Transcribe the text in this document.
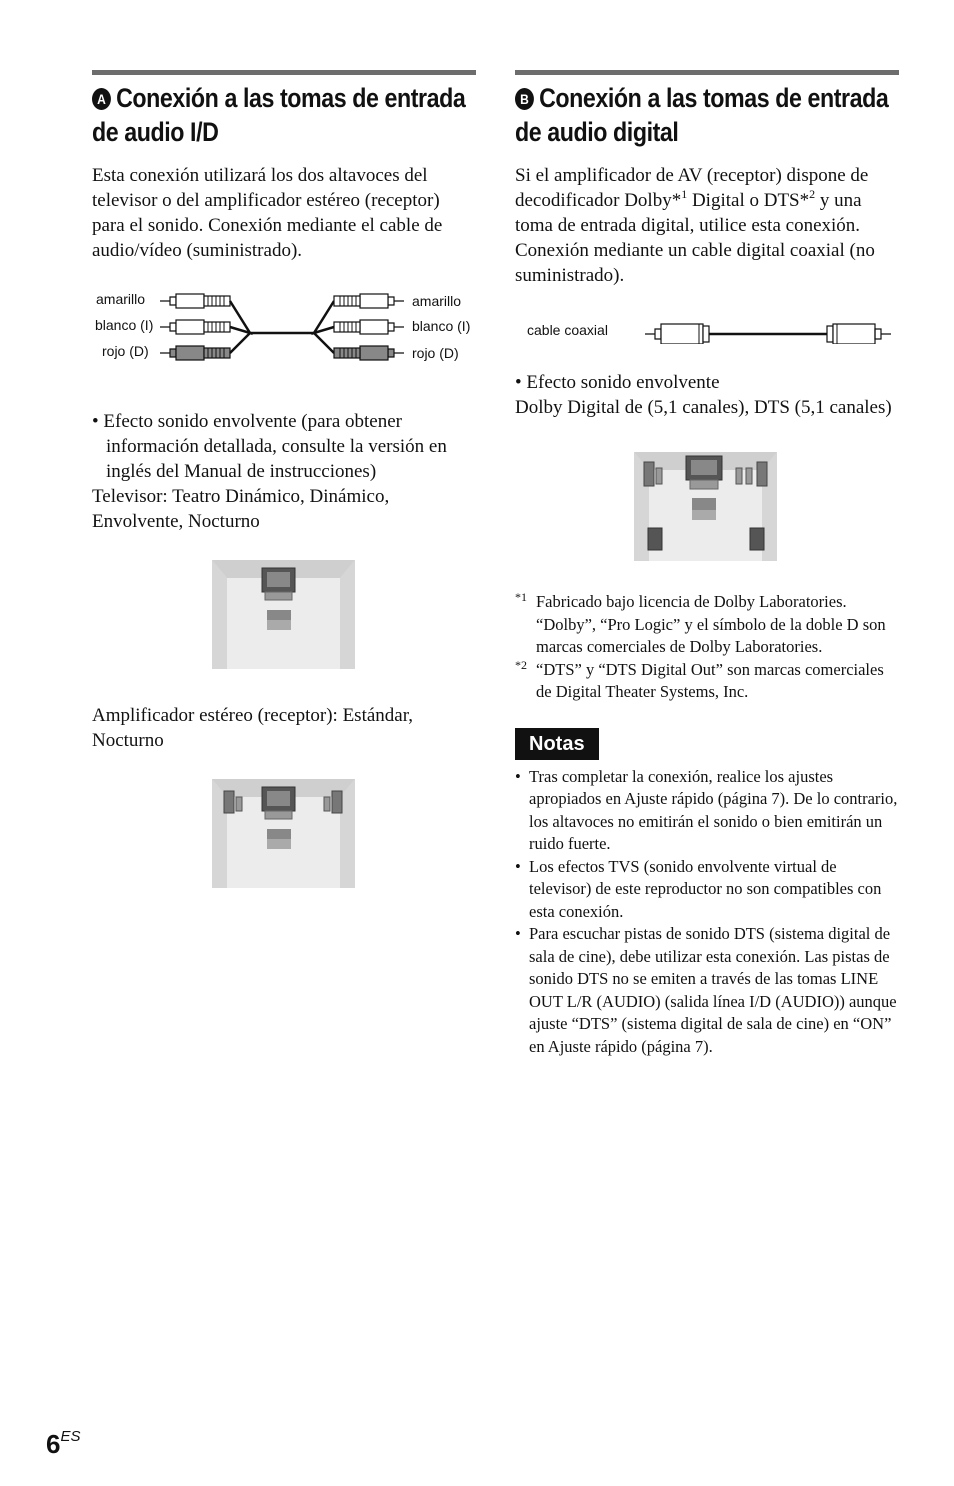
A Conexión a las tomas de entrada de audio I/D

Esta conexión utilizará los dos altavoces del televisor o del amplificador estéreo (receptor) para el sonido. Conexión mediante el cable de audio/vídeo (suministrado).

amarillo
blanco (I)
rojo (D)
amarillo
blanco (I)
rojo (D)

• Efecto sonido envolvente (para obtener información detallada, consulte la versión en inglés del Manual de instrucciones)

Televisor: Teatro Dinámico, Dinámico, Envolvente, Nocturno

Amplificador estéreo (receptor): Estándar, Nocturno

B Conexión a las tomas de entrada de audio digital

Si el amplificador de AV (receptor) dispone de decodificador Dolby*$^1$ Digital o DTS*$^2$ y una toma de entrada digital, utilice esta conexión.

Conexión mediante un cable digital coaxial (no suministrado).

cable coaxial

• Efecto sonido envolvente

Dolby Digital de (5,1 canales), DTS (5,1 canales)

*1 Fabricado bajo licencia de Dolby Laboratories. “Dolby”, “Pro Logic” y el símbolo de la doble D son marcas comerciales de Dolby Laboratories.
*2 “DTS” y “DTS Digital Out” son marcas comerciales de Digital Theater Systems, Inc.
Notas
• Tras completar la conexión, realice los ajustes apropiados en Ajuste rápido (página 7). De lo contrario, los altavoces no emitirán el sonido o bien emitirán un ruido fuerte.
• Los efectos TVS (sonido envolvente virtual de televisor) de este reproductor no son compatibles con esta conexión.
• Para escuchar pistas de sonido DTS (sistema digital de sala de cine), debe utilizar esta conexión. Las pistas de sonido DTS no se emiten a través de las tomas LINE OUT L/R (AUDIO) (salida línea I/D (AUDIO)) aunque ajuste “DTS” (sistema digital de sala de cine) en “ON” en Ajuste rápido (página 7).
$6^{ES}$
